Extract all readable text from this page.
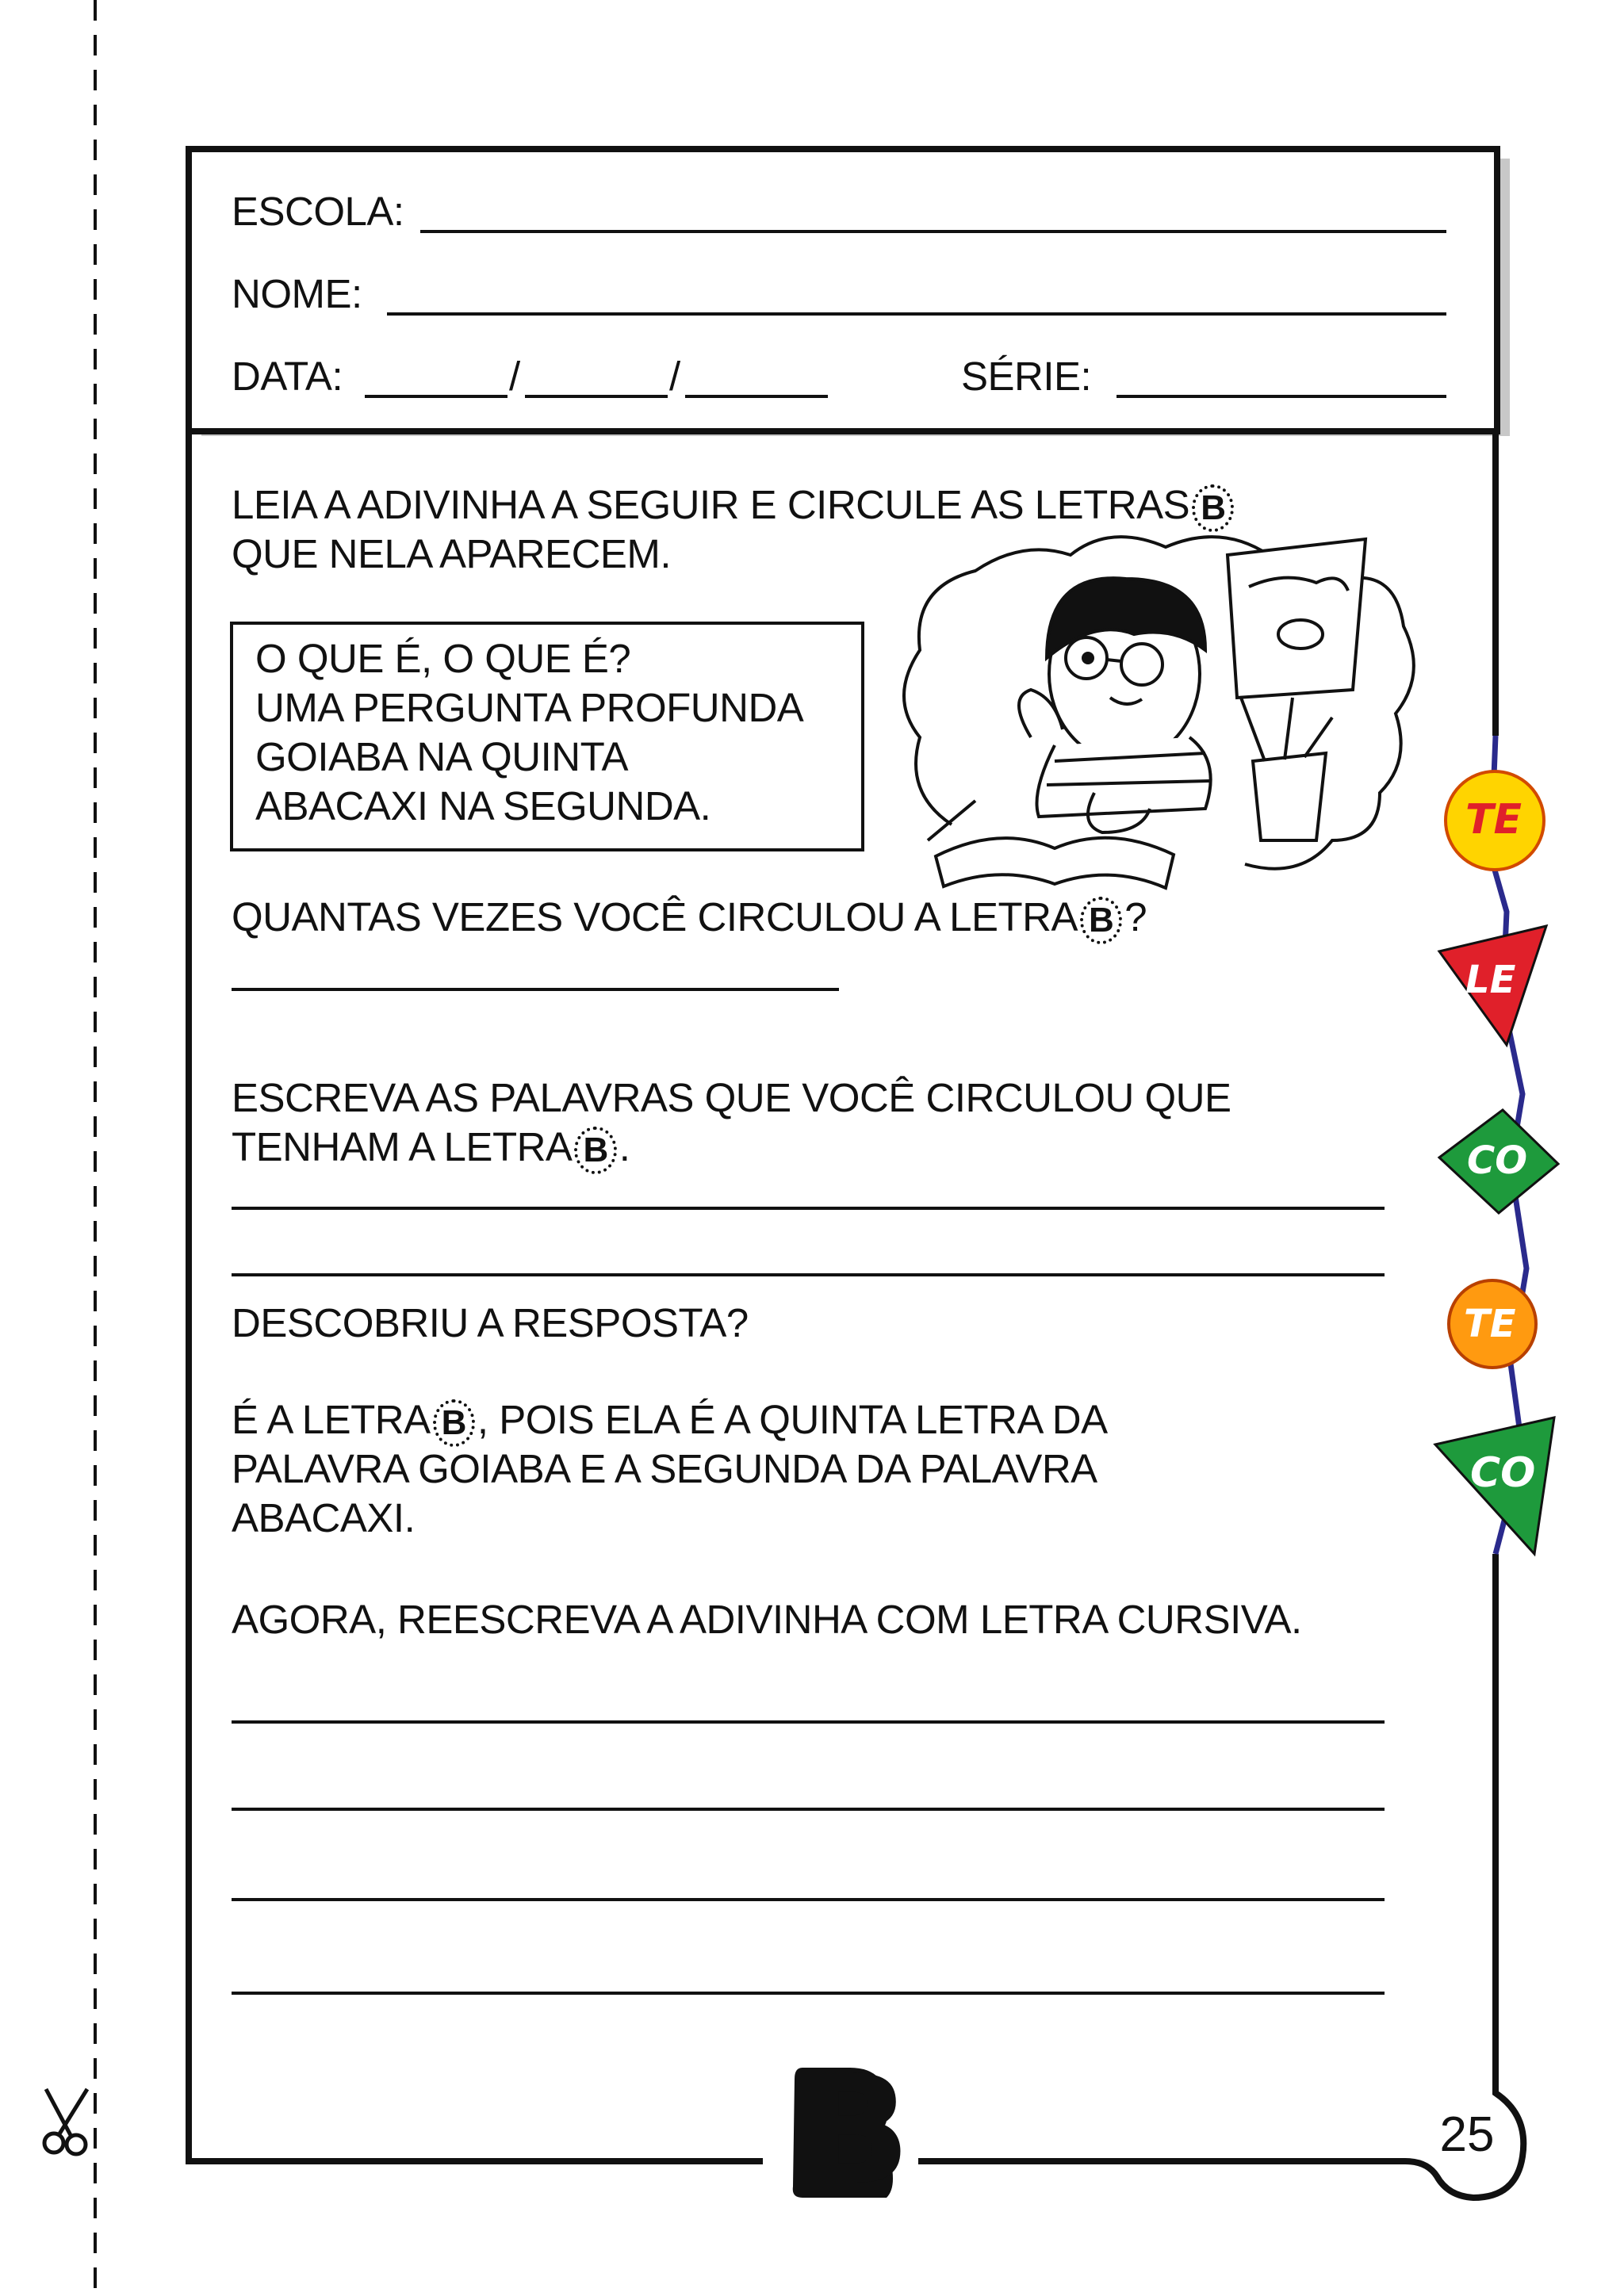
ESCOLA:
NOME:
DATA:	/	/	SÉRIE:
LEIA A ADIVINHA A SEGUIR E CIRCULE AS LETRAS B
QUE NELA APARECEM.
O QUE É, O QUE É?
UMA PERGUNTA PROFUNDA
GOIABA NA QUINTA
ABACAXI NA SEGUNDA.
QUANTAS VEZES VOCÊ CIRCULOU A LETRA B ?
ESCREVA AS PALAVRAS QUE VOCÊ CIRCULOU QUE
TENHAM A LETRA B .
DESCOBRIU A RESPOSTA?
É A LETRA B , POIS ELA É A QUINTA LETRA DA
PALAVRA GOIABA E A SEGUNDA DA PALAVRA
ABACAXI.
AGORA, REESCREVA A ADIVINHA COM LETRA CURSIVA.
B	25
TE
LE
CO
TE
CO
